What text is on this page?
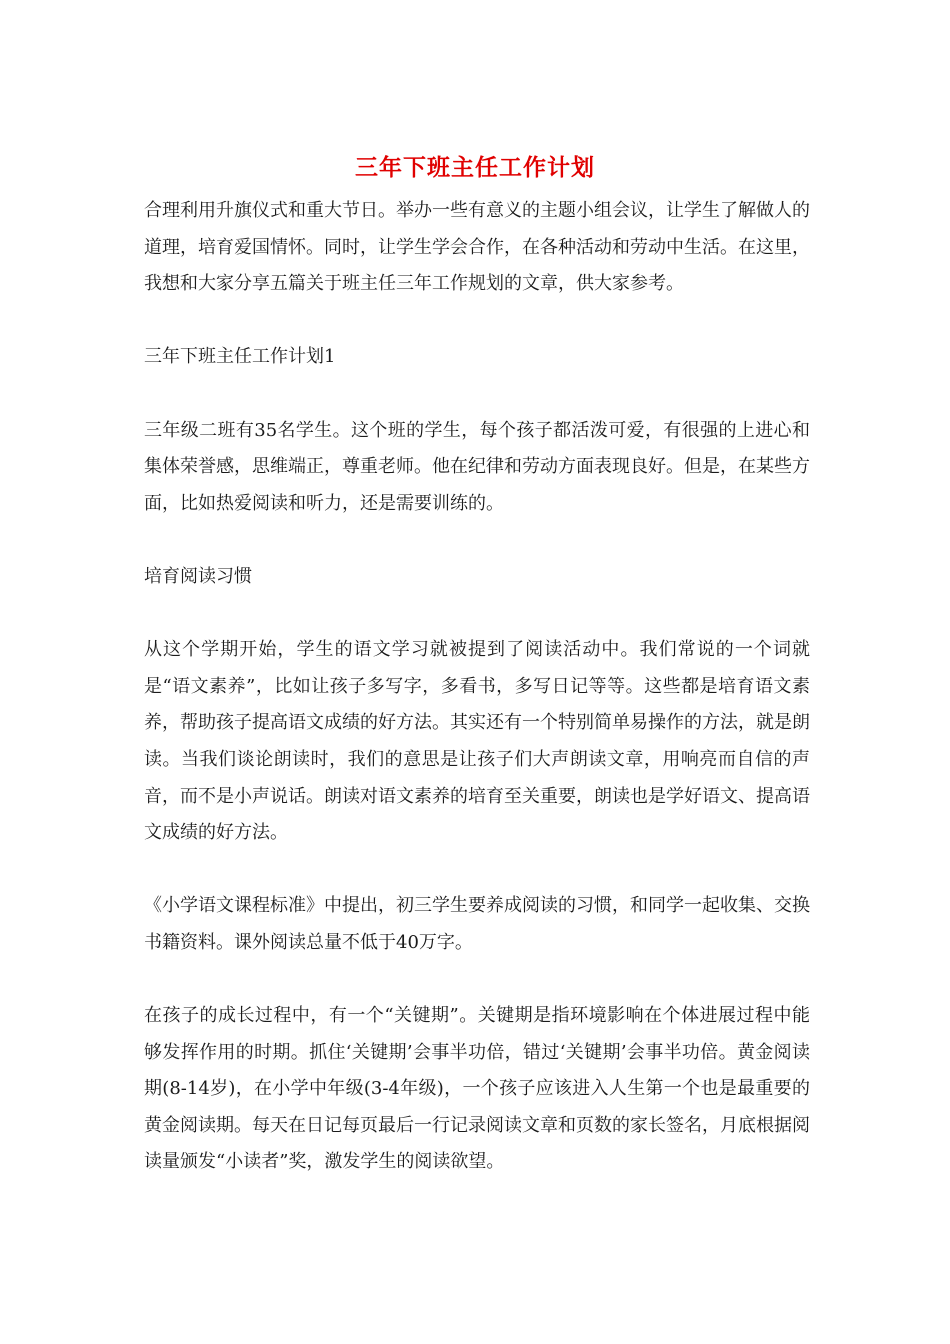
三年下班主任工作计划

合理利用升旗仪式和重大节日。举办一些有意义的主题小组会议，让学生了解做人的道理，培育爱国情怀。同时，让学生学会合作，在各种活动和劳动中生活。在这里，我想和大家分享五篇关于班主任三年工作规划的文章，供大家参考。

三年下班主任工作计划1

三年级二班有35名学生。这个班的学生，每个孩子都活泼可爱，有很强的上进心和集体荣誉感，思维端正，尊重老师。他在纪律和劳动方面表现良好。但是，在某些方面，比如热爱阅读和听力，还是需要训练的。

培育阅读习惯

从这个学期开始，学生的语文学习就被提到了阅读活动中。我们常说的一个词就是“语文素养”，比如让孩子多写字，多看书，多写日记等等。这些都是培育语文素养，帮助孩子提高语文成绩的好方法。其实还有一个特别简单易操作的方法，就是朗读。当我们谈论朗读时，我们的意思是让孩子们大声朗读文章，用响亮而自信的声音，而不是小声说话。朗读对语文素养的培育至关重要，朗读也是学好语文、提高语文成绩的好方法。

《小学语文课程标准》中提出，初三学生要养成阅读的习惯，和同学一起收集、交换书籍资料。课外阅读总量不低于40万字。

在孩子的成长过程中，有一个“关键期”。关键期是指环境影响在个体进展过程中能够发挥作用的时期。抓住‘关键期’会事半功倍，错过‘关键期’会事半功倍。黄金阅读期(8-14岁)，在小学中年级(3-4年级)，一个孩子应该进入人生第一个也是最重要的黄金阅读期。每天在日记每页最后一行记录阅读文章和页数的家长签名，月底根据阅读量颁发“小读者”奖，激发学生的阅读欲望。
